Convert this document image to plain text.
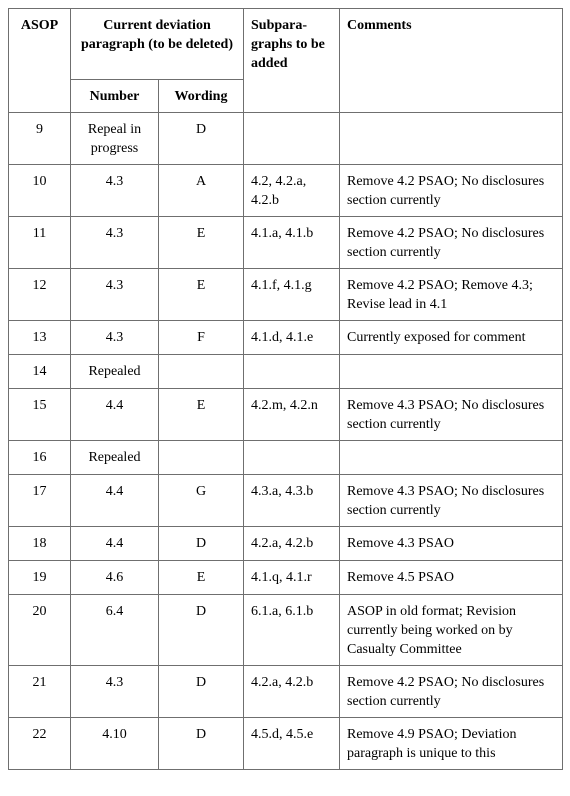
ASOP	Current deviation paragraph (to be deleted)		Subpara-graphs to be added	Comments
	Number	Wording		
9	Repeal in progress	D		
10	4.3	A	4.2, 4.2.a, 4.2.b	Remove 4.2 PSAO; No disclosures section currently
11	4.3	E	4.1.a, 4.1.b	Remove 4.2 PSAO; No disclosures section currently
12	4.3	E	4.1.f, 4.1.g	Remove 4.2 PSAO; Remove 4.3; Revise lead in 4.1
13	4.3	F	4.1.d, 4.1.e	Currently exposed for comment
14	Repealed			
15	4.4	E	4.2.m, 4.2.n	Remove 4.3 PSAO; No disclosures section currently
16	Repealed			
17	4.4	G	4.3.a, 4.3.b	Remove 4.3 PSAO; No disclosures section currently
18	4.4	D	4.2.a, 4.2.b	Remove 4.3 PSAO
19	4.6	E	4.1.q, 4.1.r	Remove 4.5 PSAO
20	6.4	D	6.1.a, 6.1.b	ASOP in old format; Revision currently being worked on by Casualty Committee
21	4.3	D	4.2.a, 4.2.b	Remove 4.2 PSAO; No disclosures section currently
22	4.10	D	4.5.d, 4.5.e	Remove 4.9 PSAO; Deviation paragraph is unique to this
